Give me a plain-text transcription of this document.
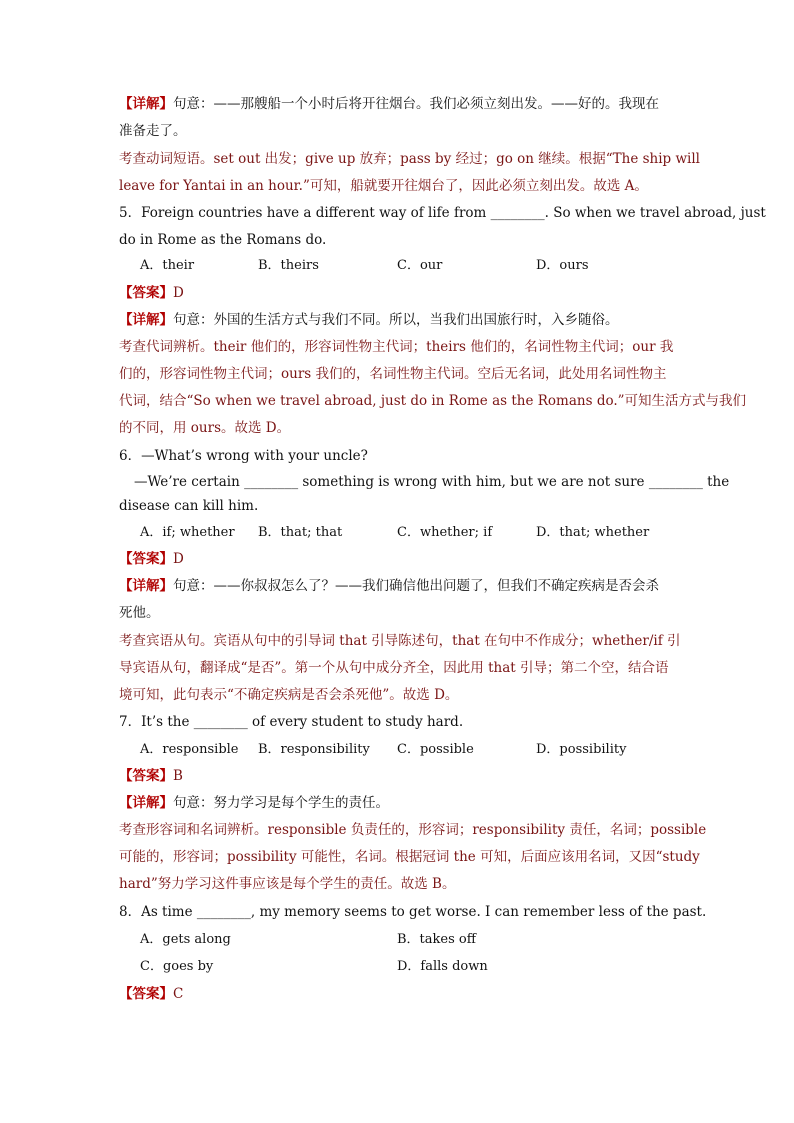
【详解】句意：——那艘船一个小时后将开往烟台。我们必须立刻出发。——好的。我现在
准备走了。
考查动词短语。set out 出发；give up 放弃；pass by 经过；go on 继续。根据“The ship will
leave for Yantai in an hour.”可知，船就要开往烟台了，因此必须立刻出发。故选 A。
5．Foreign countries have a different way of life from ________. So when we travel abroad, just
do in Rome as the Romans do.
A．their	B．theirs	C．our	D．ours
【答案】D
【详解】句意：外国的生活方式与我们不同。所以，当我们出国旅行时，入乡随俗。
考查代词辨析。their 他们的，形容词性物主代词；theirs 他们的，名词性物主代词；our 我
们的，形容词性物主代词；ours 我们的，名词性物主代词。空后无名词，此处用名词性物主
代词，结合“So when we travel abroad, just do in Rome as the Romans do.”可知生活方式与我们
的不同，用 ours。故选 D。
6．—What’s wrong with your uncle?
—We’re certain ________ something is wrong with him, but we are not sure ________ the
disease can kill him.
A．if; whether B．that; that	C．whether; if	D．that; whether
【答案】D
【详解】句意：——你叔叔怎么了？——我们确信他出问题了，但我们不确定疾病是否会杀
死他。
考查宾语从句。宾语从句中的引导词 that 引导陈述句，that 在句中不作成分；whether/if 引
导宾语从句，翻译成“是否”。第一个从句中成分齐全，因此用 that 引导；第二个空，结合语
境可知，此句表示“不确定疾病是否会杀死他”。故选 D。
7．It’s the ________ of every student to study hard.
A．responsible B．responsibility C．possible	D．possibility
【答案】B
【详解】句意：努力学习是每个学生的责任。
考查形容词和名词辨析。responsible 负责任的，形容词；responsibility 责任，名词；possible
可能的，形容词；possibility 可能性，名词。根据冠词 the 可知，后面应该用名词，又因“study
hard”努力学习这件事应该是每个学生的责任。故选 B。
8．As time ________, my memory seems to get worse. I can remember less of the past.
A．gets along	B．takes off
C．goes by	D．falls down
【答案】C
